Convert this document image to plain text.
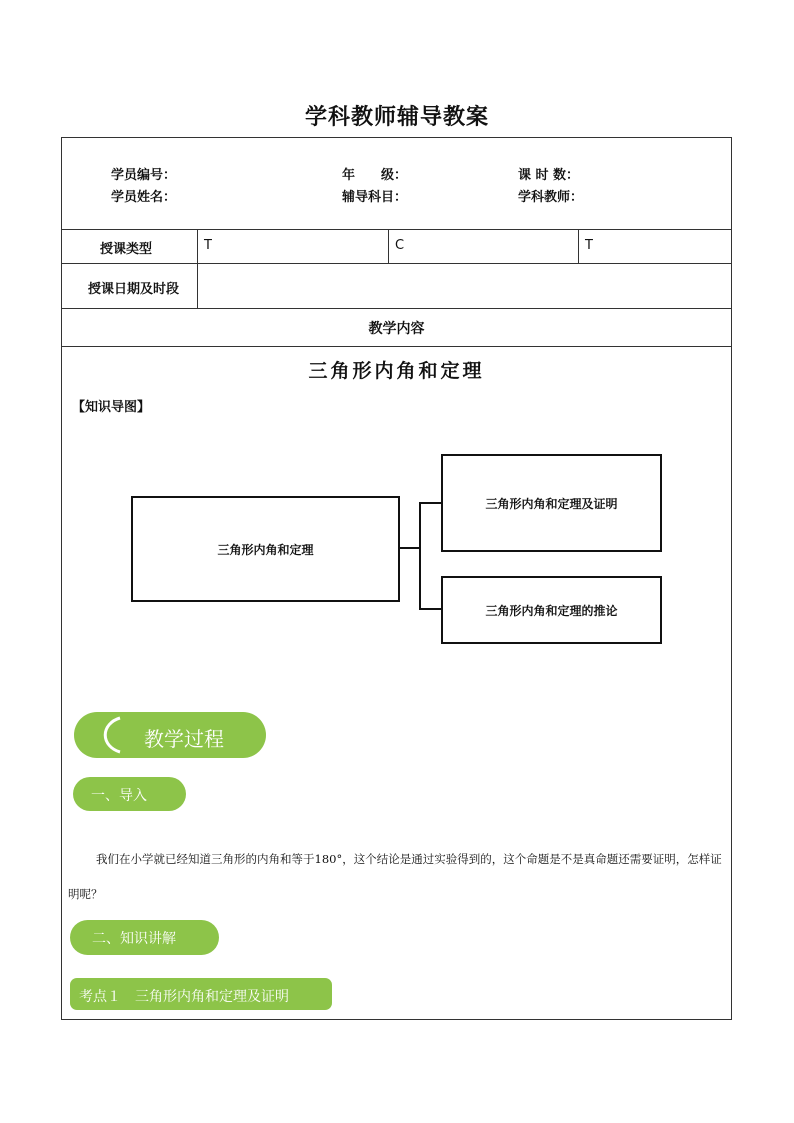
学科教师辅导教案
学员编号：	年　　级：	课 时 数：
学员姓名：	辅导科目：	学科教师：
授课类型	T	C	T
授课日期及时段
教学内容
三角形内角和定理
【知识导图】
三角形内角和定理
三角形内角和定理及证明
三角形内角和定理的推论
教学过程
一、导入
我们在小学就已经知道三角形的内角和等于180°，这个结论是通过实验得到的，这个命题是不是真命题还需要证明，怎样证明呢？
二、知识讲解
考点１　三角形内角和定理及证明
